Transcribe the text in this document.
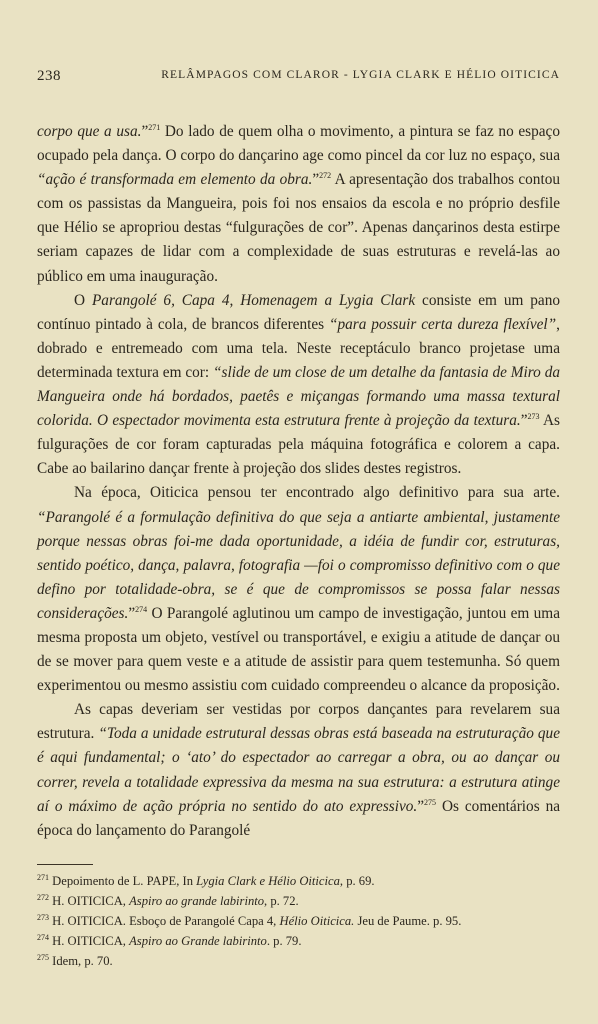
238	RELÂMPAGOS COM CLAROR - LYGIA CLARK E HÉLIO OITICICA

corpo que a usa.”$^{271}$ Do lado de quem olha o movimento, a pintura se faz no espaço ocupado pela dança. O corpo do dançarino age como pincel da cor luz no espaço, sua “ação é transformada em elemento da obra.”$^{272}$ A apresentação dos trabalhos contou com os passistas da Mangueira, pois foi nos ensaios da escola e no próprio desfile que Hélio se apropriou destas “fulgurações de cor”. Apenas dançarinos desta estirpe seriam capazes de lidar com a complexidade de suas estruturas e revelá-las ao público em uma inauguração.

O Parangolé 6, Capa 4, Homenagem a Lygia Clark consiste em um pano contínuo pintado à cola, de brancos diferentes “para possuir certa dureza flexível”, dobrado e entremeado com uma tela. Neste receptáculo branco projetase uma determinada textura em cor: “slide de um close de um detalhe da fantasia de Miro da Mangueira onde há bordados, paetês e miçangas formando uma massa textural colorida. O espectador movimenta esta estrutura frente à projeção da textura.”$^{273}$ As fulgurações de cor foram capturadas pela máquina fotográfica e colorem a capa. Cabe ao bailarino dançar frente à projeção dos slides destes registros.

Na época, Oiticica pensou ter encontrado algo definitivo para sua arte. “Parangolé é a formulação definitiva do que seja a antiarte ambiental, justamente porque nessas obras foi-me dada oportunidade, a idéia de fundir cor, estruturas, sentido poético, dança, palavra, fotografia —foi o compromisso definitivo com o que defino por totalidade-obra, se é que de compromissos se possa falar nessas considerações.”$^{274}$ O Parangolé aglutinou um campo de investigação, juntou em uma mesma proposta um objeto, vestível ou transportável, e exigiu a atitude de dançar ou de se mover para quem veste e a atitude de assistir para quem testemunha. Só quem experimentou ou mesmo assistiu com cuidado compreendeu o alcance da proposição.

As capas deveriam ser vestidas por corpos dançantes para revelarem sua estrutura. “Toda a unidade estrutural dessas obras está baseada na estruturação que é aqui fundamental; o ‘ato’ do espectador ao carregar a obra, ou ao dançar ou correr, revela a totalidade expressiva da mesma na sua estrutura: a estrutura atinge aí o máximo de ação própria no sentido do ato expressivo.”$^{275}$ Os comentários na época do lançamento do Parangolé

$^{271}$ Depoimento de L. PAPE, In Lygia Clark e Hélio Oiticica, p. 69.
$^{272}$ H. OITICICA, Aspiro ao grande labirinto, p. 72.
$^{273}$ H. OITICICA. Esboço de Parangolé Capa 4, Hélio Oiticica. Jeu de Paume. p. 95.
$^{274}$ H. OITICICA, Aspiro ao Grande labirinto. p. 79.
$^{275}$ Idem, p. 70.
